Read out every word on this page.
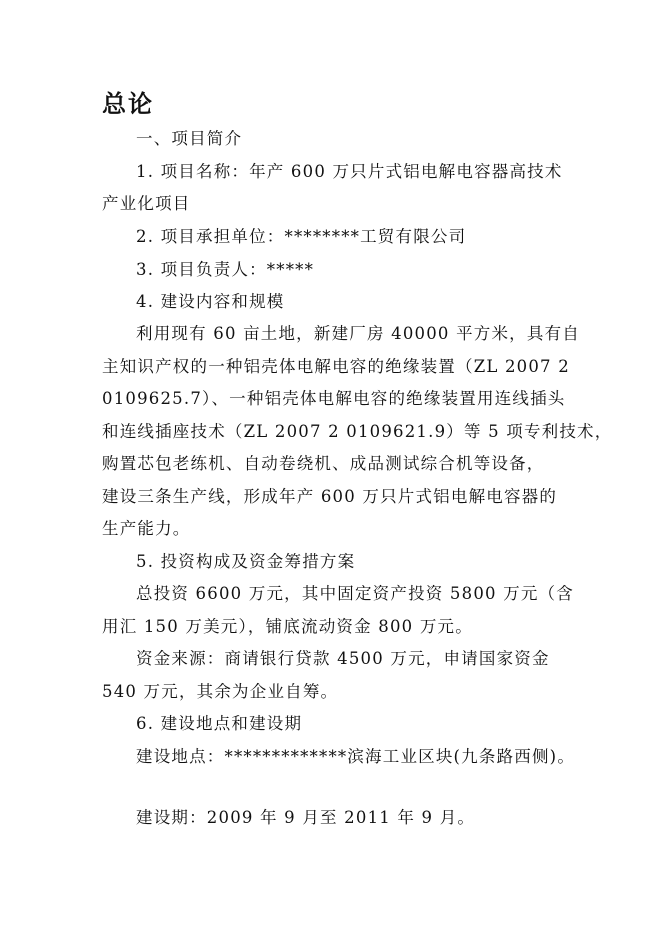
总论

一、项目简介

1. 项目名称：年产 600 万只片式铝电解电容器高技术

产业化项目

2. 项目承担单位：********工贸有限公司

3. 项目负责人：*****

4. 建设内容和规模

利用现有 60 亩土地，新建厂房 40000 平方米，具有自

主知识产权的一种铝壳体电解电容的绝缘装置（ZL 2007 2

0109625.7）、一种铝壳体电解电容的绝缘装置用连线插头

和连线插座技术（ZL 2007 2 0109621.9）等 5 项专利技术，

购置芯包老练机、自动卷绕机、成品测试综合机等设备，

建设三条生产线，形成年产 600 万只片式铝电解电容器的

生产能力。

5. 投资构成及资金筹措方案

总投资 6600 万元，其中固定资产投资 5800 万元（含

用汇 150 万美元），铺底流动资金 800 万元。

资金来源：商请银行贷款 4500 万元，申请国家资金

540 万元，其余为企业自筹。

6. 建设地点和建设期

建设地点：*************滨海工业区块(九条路西侧)。

建设期：2009 年 9 月至 2011 年 9 月。
